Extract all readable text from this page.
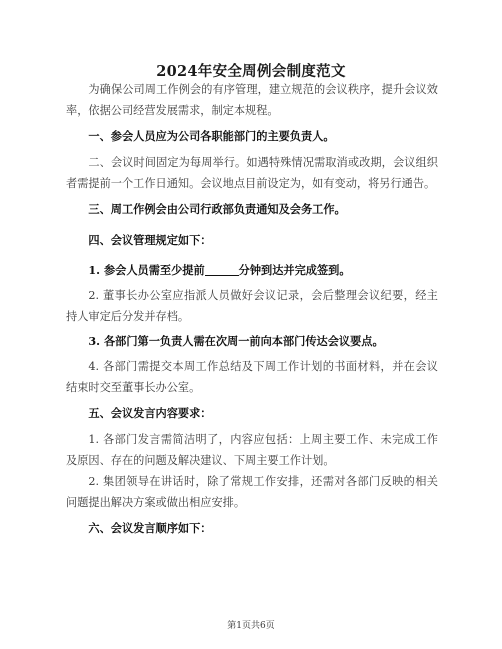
2024年安全周例会制度范文

为确保公司周工作例会的有序管理，建立规范的会议秩序，提升会议效率，依据公司经营发展需求，制定本规程。

一、参会人员应为公司各职能部门的主要负责人。

二、会议时间固定为每周举行。如遇特殊情况需取消或改期，会议组织者需提前一个工作日通知。会议地点目前设定为，如有变动，将另行通告。

三、周工作例会由公司行政部负责通知及会务工作。

四、会议管理规定如下：

1. 参会人员需至少提前	分钟到达并完成签到。

2. 董事长办公室应指派人员做好会议记录，会后整理会议纪要，经主持人审定后分发并存档。

3. 各部门第一负责人需在次周一前向本部门传达会议要点。

4. 各部门需提交本周工作总结及下周工作计划的书面材料，并在会议结束时交至董事长办公室。

五、会议发言内容要求：

1. 各部门发言需简洁明了，内容应包括：上周主要工作、未完成工作及原因、存在的问题及解决建议、下周主要工作计划。

2. 集团领导在讲话时，除了常规工作安排，还需对各部门反映的相关问题提出解决方案或做出相应安排。

六、会议发言顺序如下：

第1页共6页
